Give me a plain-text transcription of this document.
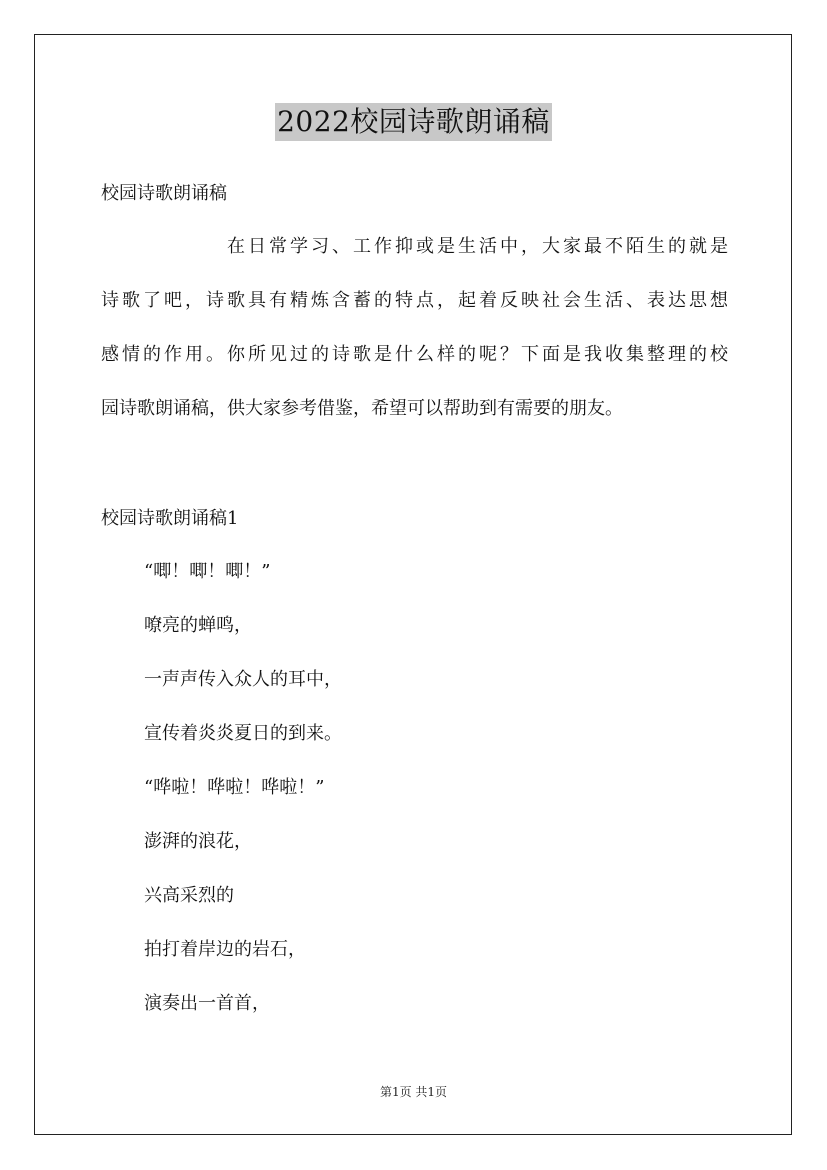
2022校园诗歌朗诵稿
校园诗歌朗诵稿
在日常学习、工作抑或是生活中，大家最不陌生的就是
诗歌了吧，诗歌具有精炼含蓄的特点，起着反映社会生活、表达思想
感情的作用。你所见过的诗歌是什么样的呢？下面是我收集整理的校
园诗歌朗诵稿，供大家参考借鉴，希望可以帮助到有需要的朋友。
校园诗歌朗诵稿1
“唧！唧！唧！”
嘹亮的蝉鸣，
一声声传入众人的耳中，
宣传着炎炎夏日的到来。
“哗啦！哗啦！哗啦！”
澎湃的浪花，
兴高采烈的
拍打着岸边的岩石，
演奏出一首首，
第1页 共1页
